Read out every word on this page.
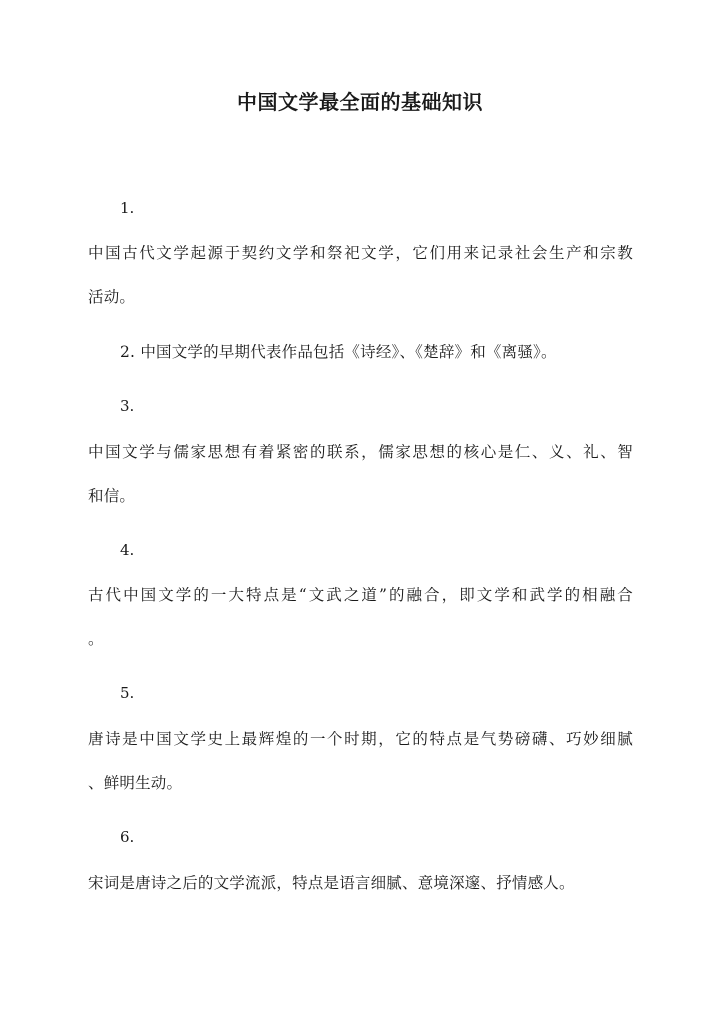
中国文学最全面的基础知识
1.
中国古代文学起源于契约文学和祭祀文学，它们用来记录社会生产和宗教
活动。
2. 中国文学的早期代表作品包括《诗经》、《楚辞》和《离骚》。
3.
中国文学与儒家思想有着紧密的联系，儒家思想的核心是仁、义、礼、智
和信。
4.
古代中国文学的一大特点是“文武之道”的融合，即文学和武学的相融合
。
5.
唐诗是中国文学史上最辉煌的一个时期，它的特点是气势磅礴、巧妙细腻
、鲜明生动。
6.
宋词是唐诗之后的文学流派，特点是语言细腻、意境深邃、抒情感人。
